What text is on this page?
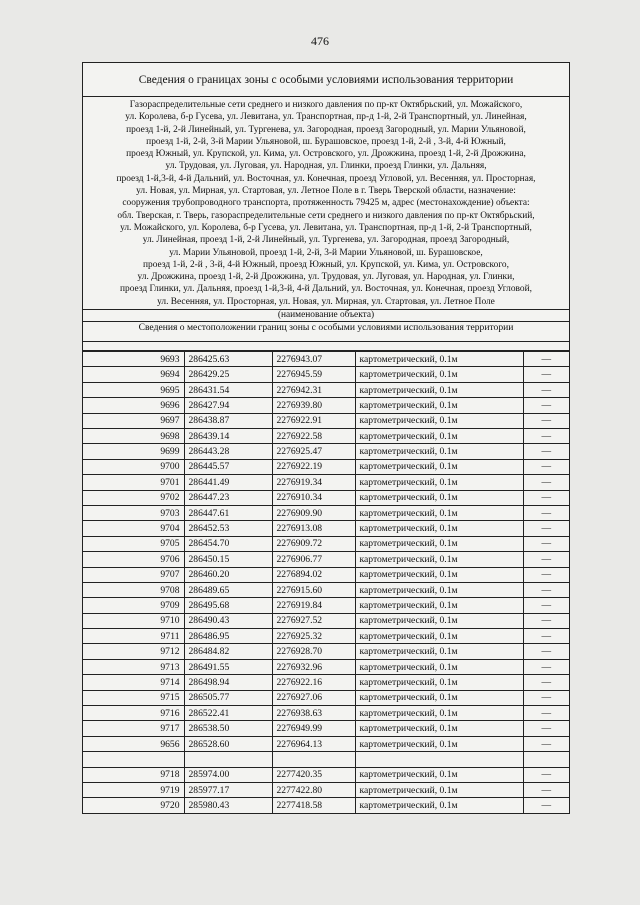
476
Сведения о границах зоны с особыми условиями использования территории
Газораспределительные сети среднего и низкого давления по пр-кт Октябрьский, ул. Можайского,
ул. Королева, б-р Гусева, ул. Левитана, ул. Транспортная, пр-д 1-й, 2-й Транспортный, ул. Линейная,
проезд 1-й, 2-й Линейный, ул. Тургенева, ул. Загородная, проезд Загородный, ул. Марии Ульяновой,
проезд 1-й, 2-й, 3-й Марии Ульяновой, ш. Бурашовское, проезд 1-й, 2-й , 3-й, 4-й Южный,
проезд Южный, ул. Крупской, ул. Кима, ул. Островского, ул. Дрожжина, проезд 1-й, 2-й Дрожжина,
ул. Трудовая, ул. Луговая, ул. Народная, ул. Глинки, проезд Глинки, ул. Дальняя,
проезд 1-й,3-й, 4-й Дальний, ул. Восточная, ул. Конечная, проезд Угловой, ул. Весенняя, ул. Просторная,
ул. Новая, ул. Мирная, ул. Стартовая, ул. Летное Поле в г. Тверь Тверской области, назначение:
сооружения трубопроводного транспорта, протяженность 79425 м, адрес (местонахождение) объекта:
обл. Тверская, г. Тверь, газораспределительные сети среднего и низкого давления по пр-кт Октябрьский,
ул. Можайского, ул. Королева, б-р Гусева, ул. Левитана, ул. Транспортная, пр-д 1-й, 2-й Транспортный,
ул. Линейная, проезд 1-й, 2-й Линейный, ул. Тургенева, ул. Загородная, проезд Загородный,
ул. Марии Ульяновой, проезд 1-й, 2-й, 3-й Марии Ульяновой, ш. Бурашовское,
проезд 1-й, 2-й , 3-й, 4-й Южный, проезд Южный, ул. Крупской, ул. Кима, ул. Островского,
ул. Дрожжина, проезд 1-й, 2-й Дрожжина, ул. Трудовая, ул. Луговая, ул. Народная, ул. Глинки,
проезд Глинки, ул. Дальняя, проезд 1-й,3-й, 4-й Дальний, ул. Восточная, ул. Конечная, проезд Угловой,
ул. Весенняя, ул. Просторная, ул. Новая, ул. Мирная, ул. Стартовая, ул. Летное Поле
(наименование объекта)
Сведения о местоположении границ зоны с особыми условиями использования территории
9693	286425.63	2276943.07	картометрический, 0.1м	—
9694	286429.25	2276945.59	картометрический, 0.1м	—
9695	286431.54	2276942.31	картометрический, 0.1м	—
9696	286427.94	2276939.80	картометрический, 0.1м	—
9697	286438.87	2276922.91	картометрический, 0.1м	—
9698	286439.14	2276922.58	картометрический, 0.1м	—
9699	286443.28	2276925.47	картометрический, 0.1м	—
9700	286445.57	2276922.19	картометрический, 0.1м	—
9701	286441.49	2276919.34	картометрический, 0.1м	—
9702	286447.23	2276910.34	картометрический, 0.1м	—
9703	286447.61	2276909.90	картометрический, 0.1м	—
9704	286452.53	2276913.08	картометрический, 0.1м	—
9705	286454.70	2276909.72	картометрический, 0.1м	—
9706	286450.15	2276906.77	картометрический, 0.1м	—
9707	286460.20	2276894.02	картометрический, 0.1м	—
9708	286489.65	2276915.60	картометрический, 0.1м	—
9709	286495.68	2276919.84	картометрический, 0.1м	—
9710	286490.43	2276927.52	картометрический, 0.1м	—
9711	286486.95	2276925.32	картометрический, 0.1м	—
9712	286484.82	2276928.70	картометрический, 0.1м	—
9713	286491.55	2276932.96	картометрический, 0.1м	—
9714	286498.94	2276922.16	картометрический, 0.1м	—
9715	286505.77	2276927.06	картометрический, 0.1м	—
9716	286522.41	2276938.63	картометрический, 0.1м	—
9717	286538.50	2276949.99	картометрический, 0.1м	—
9656	286528.60	2276964.13	картометрический, 0.1м	—

9718	285974.00	2277420.35	картометрический, 0.1м	—
9719	285977.17	2277422.80	картометрический, 0.1м	—
9720	285980.43	2277418.58	картометрический, 0.1м	—
